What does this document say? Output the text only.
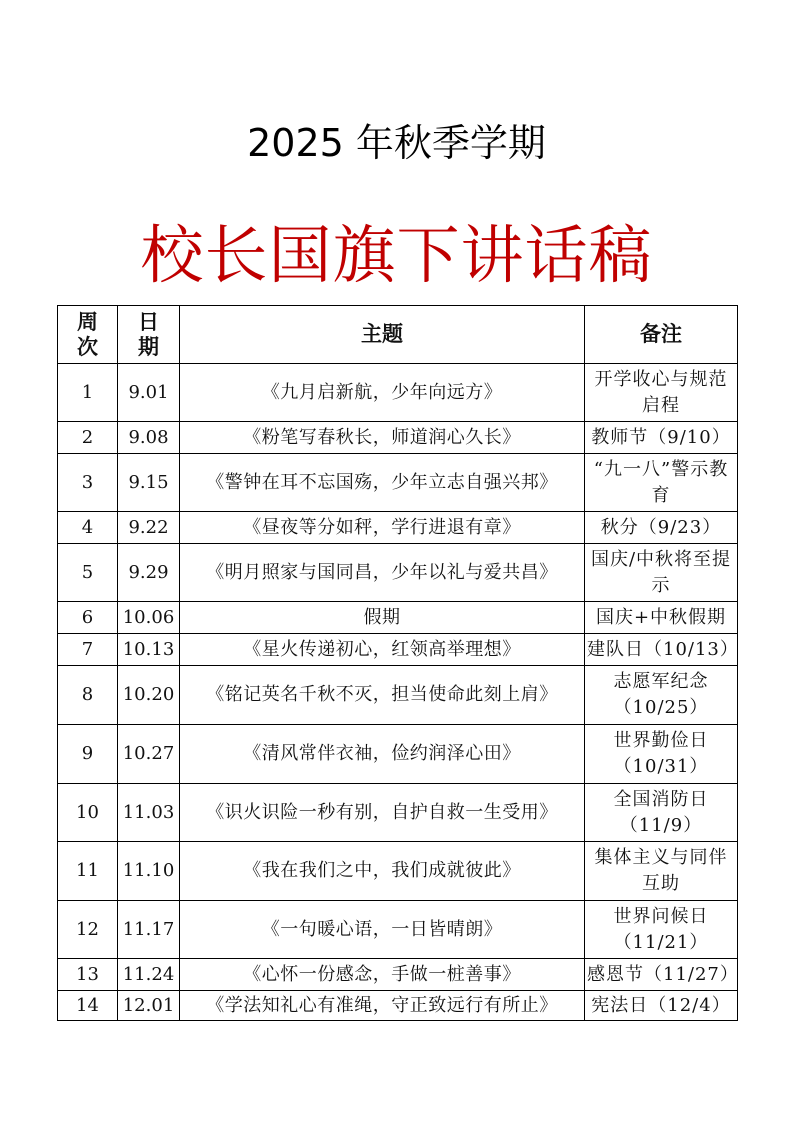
2025 年秋季学期
校长国旗下讲话稿
周次	日期	主题	备注
1	9.01	《九月启新航，少年向远方》	开学收心与规范启程
2	9.08	《粉笔写春秋长，师道润心久长》	教师节（9/10）
3	9.15	《警钟在耳不忘国殇，少年立志自强兴邦》	“九一八”警示教育
4	9.22	《昼夜等分如秤，学行进退有章》	秋分（9/23）
5	9.29	《明月照家与国同昌，少年以礼与爱共昌》	国庆/中秋将至提示
6	10.06	假期	国庆+中秋假期
7	10.13	《星火传递初心，红领高举理想》	建队日（10/13）
8	10.20	《铭记英名千秋不灭，担当使命此刻上肩》	志愿军纪念（10/25）
9	10.27	《清风常伴衣袖，俭约润泽心田》	世界勤俭日（10/31）
10	11.03	《识火识险一秒有别，自护自救一生受用》	全国消防日（11/9）
11	11.10	《我在我们之中，我们成就彼此》	集体主义与同伴互助
12	11.17	《一句暖心语，一日皆晴朗》	世界问候日（11/21）
13	11.24	《心怀一份感念，手做一桩善事》	感恩节（11/27）
14	12.01	《学法知礼心有准绳，守正致远行有所止》	宪法日（12/4）
